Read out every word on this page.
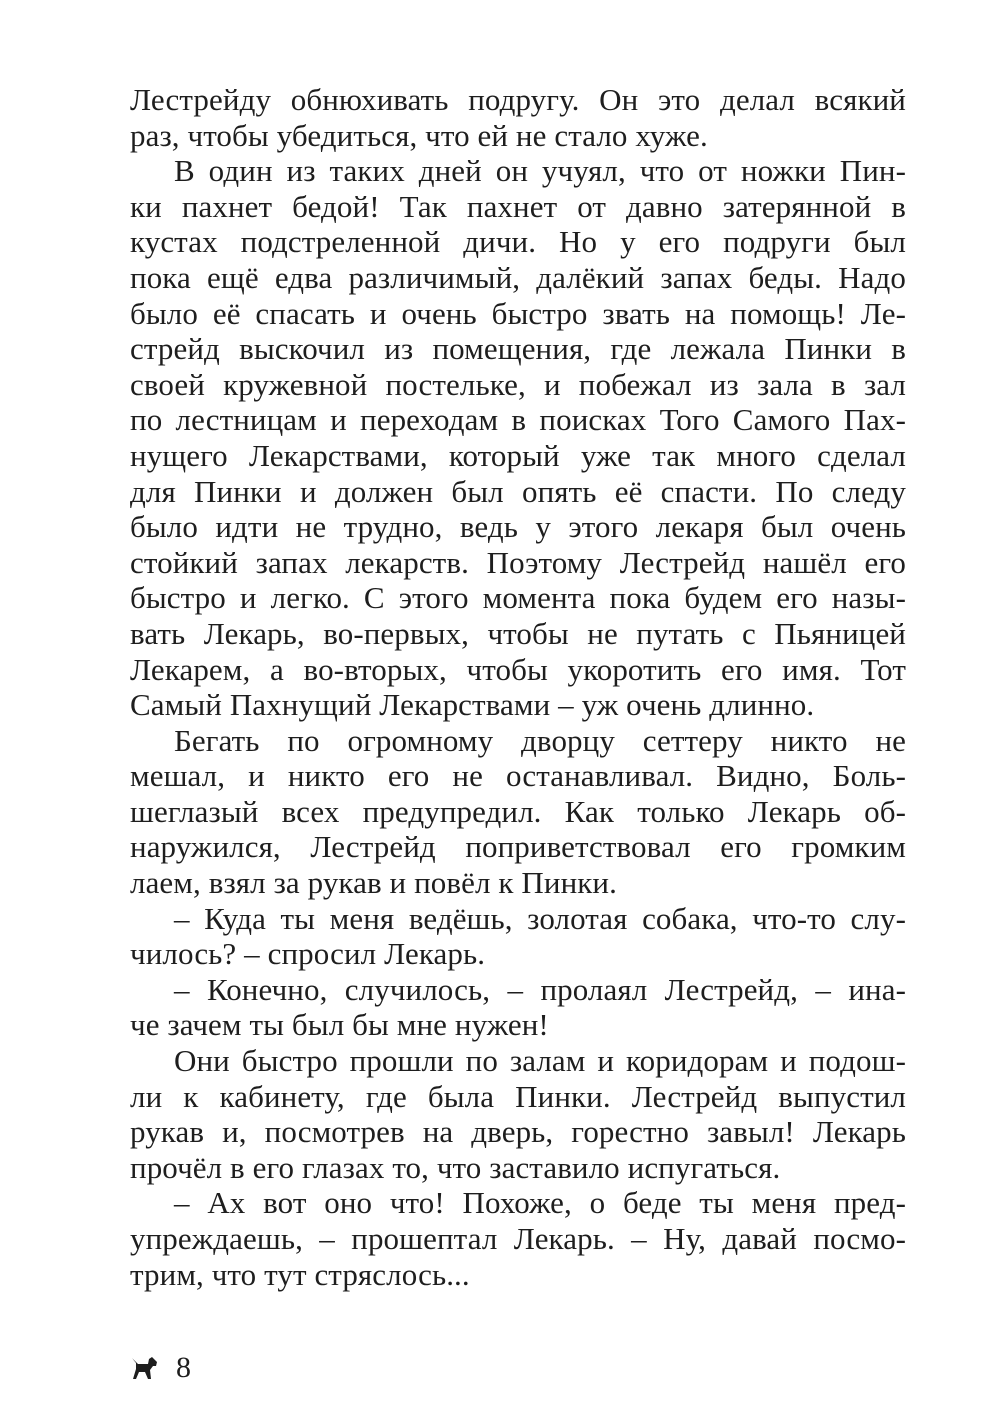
Лестрейду обнюхивать подругу. Он это делал всякий
раз, чтобы убедиться, что ей не стало хуже.
В один из таких дней он учуял, что от ножки Пин-
ки пахнет бедой! Так пахнет от давно затерянной в
кустах подстреленной дичи. Но у его подруги был
пока ещё едва различимый, далёкий запах беды. Надо
было её спасать и очень быстро звать на помощь! Ле-
стрейд выскочил из помещения, где лежала Пинки в
своей кружевной постельке, и побежал из зала в зал
по лестницам и переходам в поисках Того Самого Пах-
нущего Лекарствами, который уже так много сделал
для Пинки и должен был опять её спасти. По следу
было идти не трудно, ведь у этого лекаря был очень
стойкий запах лекарств. Поэтому Лестрейд нашёл его
быстро и легко. С этого момента пока будем его назы-
вать Лекарь, во-первых, чтобы не путать с Пьяницей
Лекарем, а во-вторых, чтобы укоротить его имя. Тот
Самый Пахнущий Лекарствами – уж очень длинно.
Бегать по огромному дворцу сеттеру никто не
мешал, и никто его не останавливал. Видно, Боль-
шеглазый всех предупредил. Как только Лекарь об-
наружился, Лестрейд поприветствовал его громким
лаем, взял за рукав и повёл к Пинки.
– Куда ты меня ведёшь, золотая собака, что-то слу-
чилось? – спросил Лекарь.
– Конечно, случилось, – пролаял Лестрейд, – ина-
че зачем ты был бы мне нужен!
Они быстро прошли по залам и коридорам и подош-
ли к кабинету, где была Пинки. Лестрейд выпустил
рукав и, посмотрев на дверь, горестно завыл! Лекарь
прочёл в его глазах то, что заставило испугаться.
– Ах вот оно что! Похоже, о беде ты меня пред-
упреждаешь, – прошептал Лекарь. – Ну, давай посмо-
трим, что тут стряслось...
8
